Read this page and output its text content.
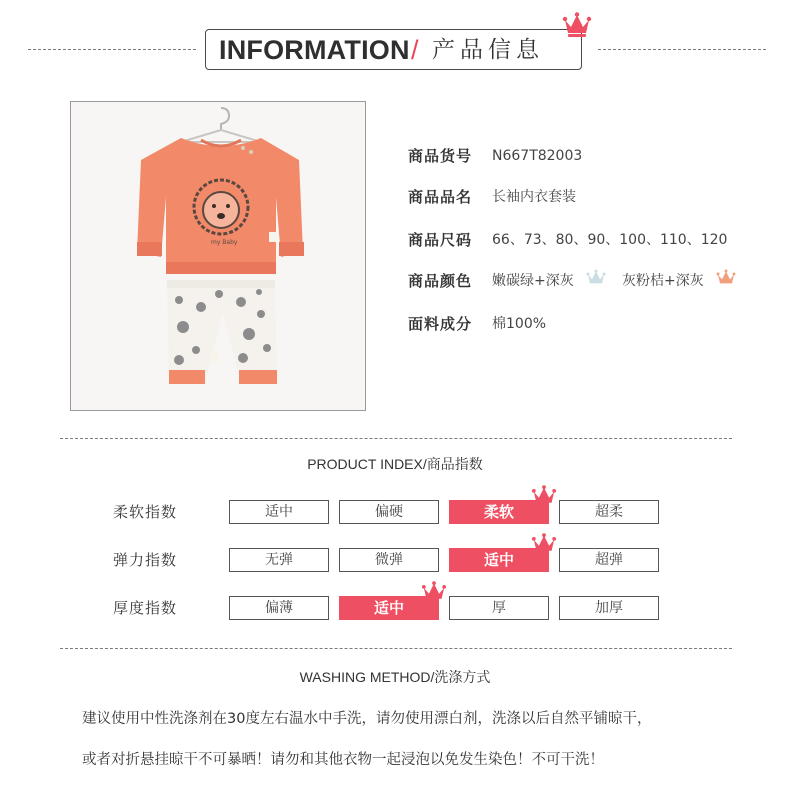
INFORMATION / 产品信息
my Baby
商品货号 N667T82003
商品品名 长袖内衣套装
商品尺码 66、73、80、90、100、110、120
商品颜色 嫩碳绿+深灰	灰粉桔+深灰
面料成分 棉100%
PRODUCT INDEX/商品指数
柔软指数	适中	偏硬	柔软	超柔
弹力指数	无弹	微弹	适中	超弹
厚度指数	偏薄	适中	厚	加厚
WASHING METHOD/洗涤方式
建议使用中性洗涤剂在30度左右温水中手洗，请勿使用漂白剂，洗涤以后自然平铺晾干，
或者对折悬挂晾干不可暴晒！请勿和其他衣物一起浸泡以免发生染色！不可干洗！
